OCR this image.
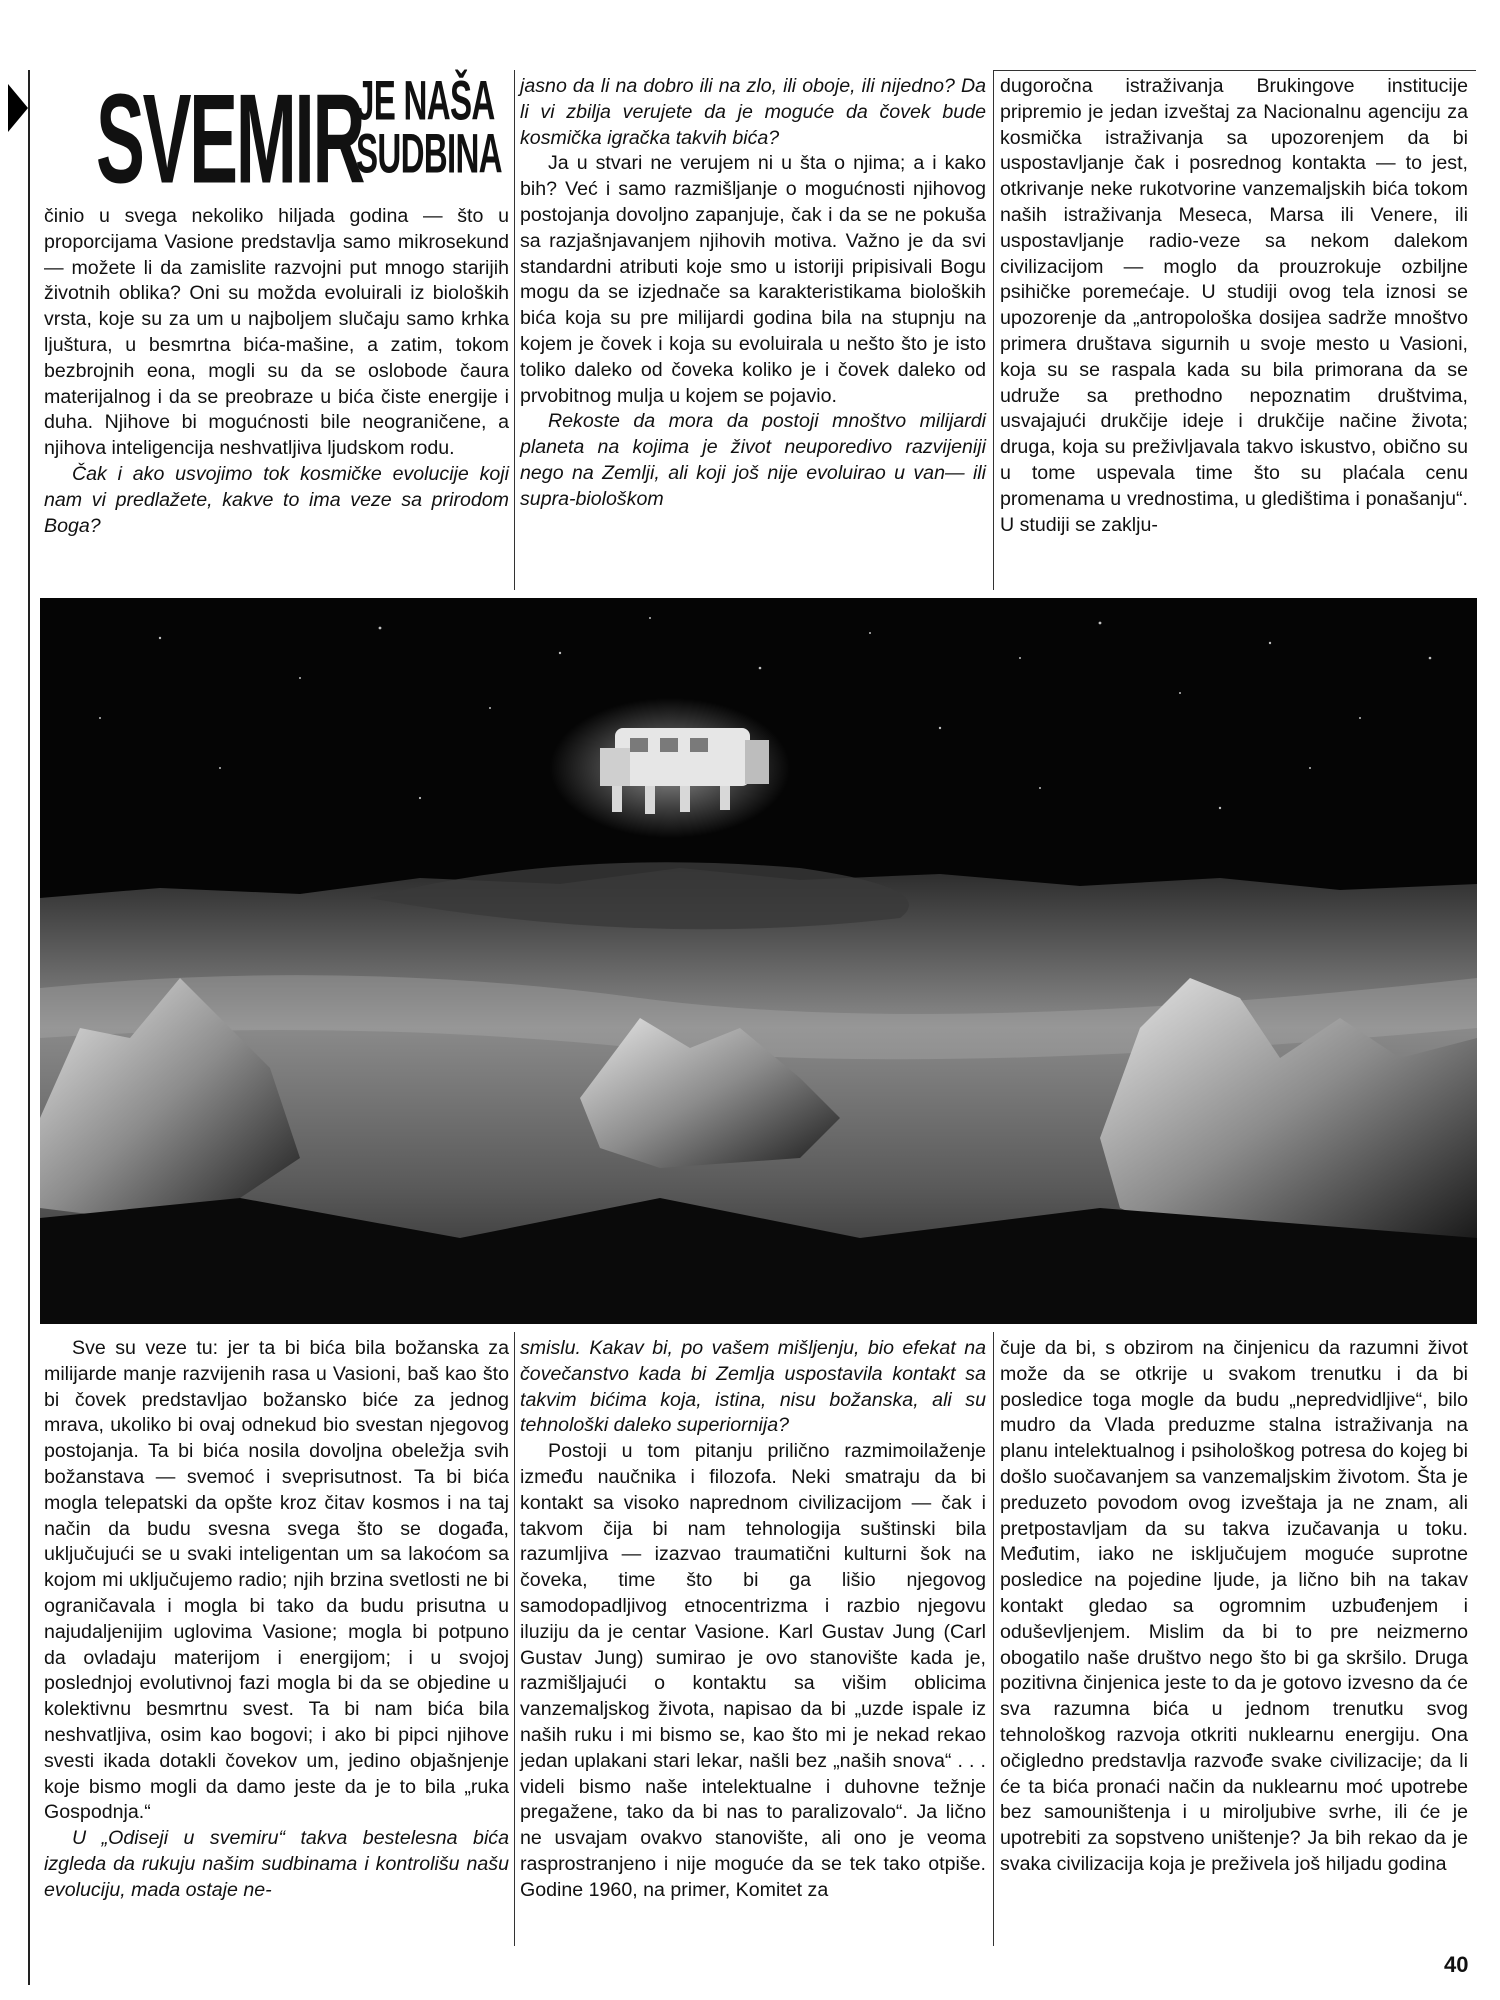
SVEMIR
JE NAŠA
SUDBINA

činio u svega nekoliko hiljada godina — što u proporcijama Vasione predstavlja samo mikrosekund — možete li da zamislite razvojni put mnogo starijih životnih oblika? Oni su možda evoluirali iz bioloških vrsta, koje su za um u najboljem slučaju samo krhka ljuštura, u besmrtna bića-mašine, a zatim, tokom bezbrojnih eona, mogli su da se oslobode čaura materijalnog i da se preobraze u bića čiste energije i duha. Njihove bi mogućnosti bile neograničene, a njihova inteligencija neshvatljiva ljudskom rodu.

Čak i ako usvojimo tok kosmičke evolucije koji nam vi predlažete, kakve to ima veze sa prirodom Boga?

jasno da li na dobro ili na zlo, ili oboje, ili nijedno? Da li vi zbilja verujete da je moguće da čovek bude kosmička igračka takvih bića?

Ja u stvari ne verujem ni u šta o njima; a i kako bih? Već i samo razmišljanje o mogućnosti njihovog postojanja dovoljno zapanjuje, čak i da se ne pokuša sa razjašnjavanjem njihovih motiva. Važno je da svi standardni atributi koje smo u istoriji pripisivali Bogu mogu da se izjednače sa karakteristikama bioloških bića koja su pre milijardi godina bila na stupnju na kojem je čovek i koja su evoluirala u nešto što je isto toliko daleko od čoveka koliko je i čovek daleko od prvobitnog mulja u kojem se pojavio.

Rekoste da mora da postoji mnoštvo milijardi planeta na kojima je život neuporedivo razvijeniji nego na Zemlji, ali koji još nije evoluirao u van— ili supra-biološkom

dugoročna istraživanja Brukingove institucije pripremio je jedan izveštaj za Nacionalnu agenciju za kosmička istraživanja sa upozorenjem da bi uspostavljanje čak i posrednog kontakta — to jest, otkrivanje neke rukotvorine vanzemaljskih bića tokom naših istraživanja Meseca, Marsa ili Venere, ili uspostavljanje radio-veze sa nekom dalekom civilizacijom — moglo da prouzrokuje ozbiljne psihičke poremećaje. U studiji ovog tela iznosi se upozorenje da „antropološka dosijea sadrže mnoštvo primera društava sigurnih u svoje mesto u Vasioni, koja su se raspala kada su bila primorana da se udruže sa prethodno nepoznatim društvima, usvajajući drukčije ideje i drukčije načine života; druga, koja su preživljavala takvo iskustvo, obično su u tome uspevala time što su plaćala cenu promenama u vrednostima, u gledištima i ponašanju“. U studiji se zaklju-

Sve su veze tu: jer ta bi bića bila božanska za milijarde manje razvijenih rasa u Vasioni, baš kao što bi čovek predstavljao božansko biće za jednog mrava, ukoliko bi ovaj odnekud bio svestan njegovog postojanja. Ta bi bića nosila dovoljna obeležja svih božanstava — svemoć i sveprisutnost. Ta bi bića mogla telepatski da opšte kroz čitav kosmos i na taj način da budu svesna svega što se događa, uključujući se u svaki inteligentan um sa lakoćom sa kojom mi uključujemo radio; njih brzina svetlosti ne bi ograničavala i mogla bi tako da budu prisutna u najudaljenijim uglovima Vasione; mogla bi potpuno da ovladaju materijom i energijom; i u svojoj poslednjoj evolutivnoj fazi mogla bi da se objedine u kolektivnu besmrtnu svest. Ta bi nam bića bila neshvatljiva, osim kao bogovi; i ako bi pipci njihove svesti ikada dotakli čovekov um, jedino objašnjenje koje bismo mogli da damo jeste da je to bila „ruka Gospodnja.“

U „Odiseji u svemiru“ takva bestelesna bića izgleda da rukuju našim sudbinama i kontrolišu našu evoluciju, mada ostaje ne-

smislu. Kakav bi, po vašem mišljenju, bio efekat na čovečanstvo kada bi Zemlja uspostavila kontakt sa takvim bićima koja, istina, nisu božanska, ali su tehnološki daleko superiornija?

Postoji u tom pitanju prilično razmimoilaženje između naučnika i filozofa. Neki smatraju da bi kontakt sa visoko naprednom civilizacijom — čak i takvom čija bi nam tehnologija suštinski bila razumljiva — izazvao traumatični kulturni šok na čoveka, time što bi ga lišio njegovog samodopadljivog etnocentrizma i razbio njegovu iluziju da je centar Vasione. Karl Gustav Jung (Carl Gustav Jung) sumirao je ovo stanovište kada je, razmišljajući o kontaktu sa višim oblicima vanzemaljskog života, napisao da bi „uzde ispale iz naših ruku i mi bismo se, kao što mi je nekad rekao jedan uplakani stari lekar, našli bez „naših snova“ . . . videli bismo naše intelektualne i duhovne težnje pregažene, tako da bi nas to paralizovalo“. Ja lično ne usvajam ovakvo stanovište, ali ono je veoma rasprostranjeno i nije moguće da se tek tako otpiše. Godine 1960, na primer, Komitet za

čuje da bi, s obzirom na činjenicu da razumni život može da se otkrije u svakom trenutku i da bi posledice toga mogle da budu „nepredvidljive“, bilo mudro da Vlada preduzme stalna istraživanja na planu intelektualnog i psihološkog potresa do kojeg bi došlo suočavanjem sa vanzemaljskim životom. Šta je preduzeto povodom ovog izveštaja ja ne znam, ali pretpostavljam da su takva izučavanja u toku. Međutim, iako ne isključujem moguće suprotne posledice na pojedine ljude, ja lično bih na takav kontakt gledao sa ogromnim uzbuđenjem i oduševljenjem. Mislim da bi to pre neizmerno obogatilo naše društvo nego što bi ga skršilo. Druga pozitivna činjenica jeste to da je gotovo izvesno da će sva razumna bića u jednom trenutku svog tehnološkog razvoja otkriti nuklearnu energiju. Ona očigledno predstavlja razvođe svake civilizacije; da li će ta bića pronaći način da nuklearnu moć upotrebe bez samouništenja i u miroljubive svrhe, ili će je upotrebiti za sopstveno uništenje? Ja bih rekao da je svaka civilizacija koja je preživela još hiljadu godina

40
